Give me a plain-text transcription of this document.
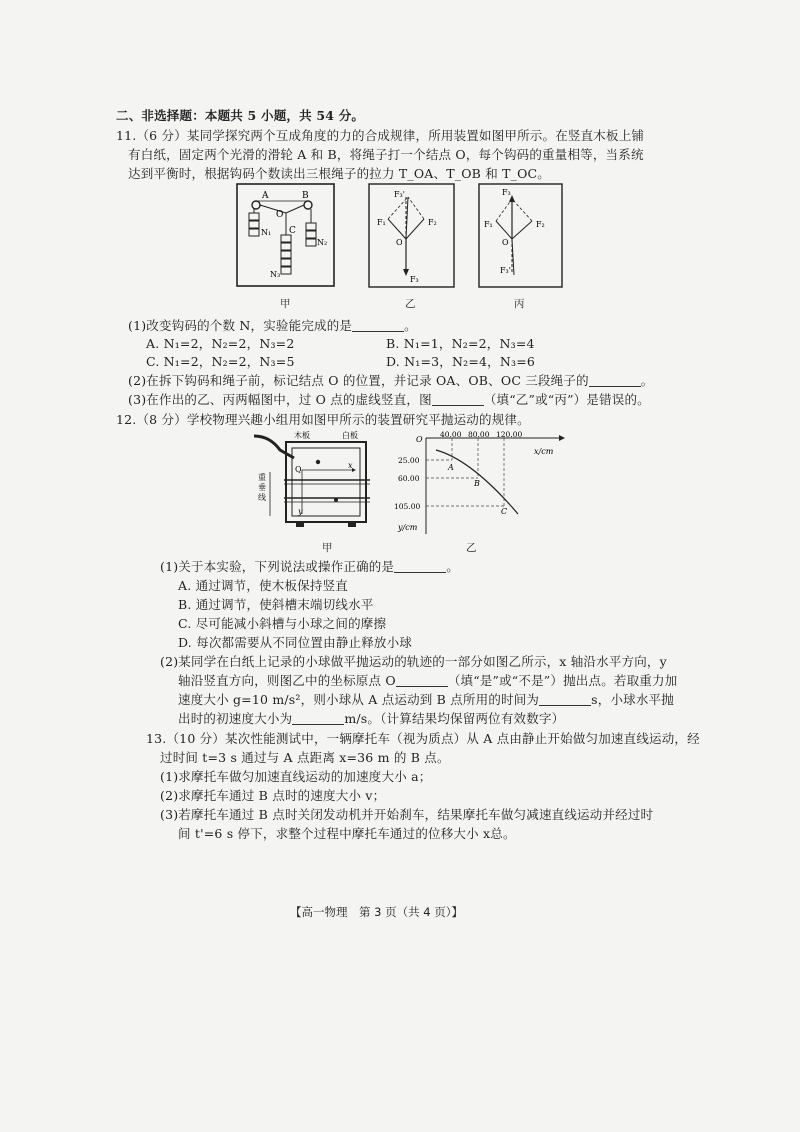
二、非选择题：本题共 5 小题，共 54 分。
11.（6 分）某同学探究两个互成角度的力的合成规律，所用装置如图甲所示。在竖直木板上铺
有白纸，固定两个光滑的滑轮 A 和 B，将绳子打一个结点 O，每个钩码的重量相等，当系统
达到平衡时，根据钩码个数读出三根绳子的拉力 T_OA、T_OB 和 T_OC。
A	B
O
C
N₁
N₂
N₃
甲
F₃'
F₁	F₂
O
F₃
乙
F₃
F₁	F₂
O
F₃'
丙
(1)改变钩码的个数 N，实验能完成的是	。
A. N₁=2，N₂=2，N₃=2	B. N₁=1，N₂=2，N₃=4
C. N₁=2，N₂=2，N₃=5	D. N₁=3，N₂=4，N₃=6
(2)在拆下钩码和绳子前，标记结点 O 的位置，并记录 OA、OB、OC 三段绳子的	。
(3)在作出的乙、丙两幅图中，过 O 点的虚线竖直，图	（填“乙”或“丙”）是错误的。
12.（8 分）学校物理兴趣小组用如图甲所示的装置研究平抛运动的规律。
木板	白板
重垂线
Q	x
y
甲
O
40.00 80.00 120.00
x/cm
25.00
60.00
105.00
y/cm
A
B
C
乙
(1)关于本实验，下列说法或操作正确的是	。
A. 通过调节，使木板保持竖直
B. 通过调节，使斜槽末端切线水平
C. 尽可能减小斜槽与小球之间的摩擦
D. 每次都需要从不同位置由静止释放小球
(2)某同学在白纸上记录的小球做平抛运动的轨迹的一部分如图乙所示，x 轴沿水平方向，y
轴沿竖直方向，则图乙中的坐标原点 O	（填“是”或“不是”）抛出点。若取重力加
速度大小 g=10 m/s²，则小球从 A 点运动到 B 点所用的时间为	s，小球水平抛
出时的初速度大小为	m/s。（计算结果均保留两位有效数字）
13.（10 分）某次性能测试中，一辆摩托车（视为质点）从 A 点由静止开始做匀加速直线运动，经
过时间 t=3 s 通过与 A 点距离 x=36 m 的 B 点。
(1)求摩托车做匀加速直线运动的加速度大小 a；
(2)求摩托车通过 B 点时的速度大小 v；
(3)若摩托车通过 B 点时关闭发动机并开始刹车，结果摩托车做匀减速直线运动并经过时
间 t'=6 s 停下，求整个过程中摩托车通过的位移大小 x总。
【高一物理　第 3 页（共 4 页）】
